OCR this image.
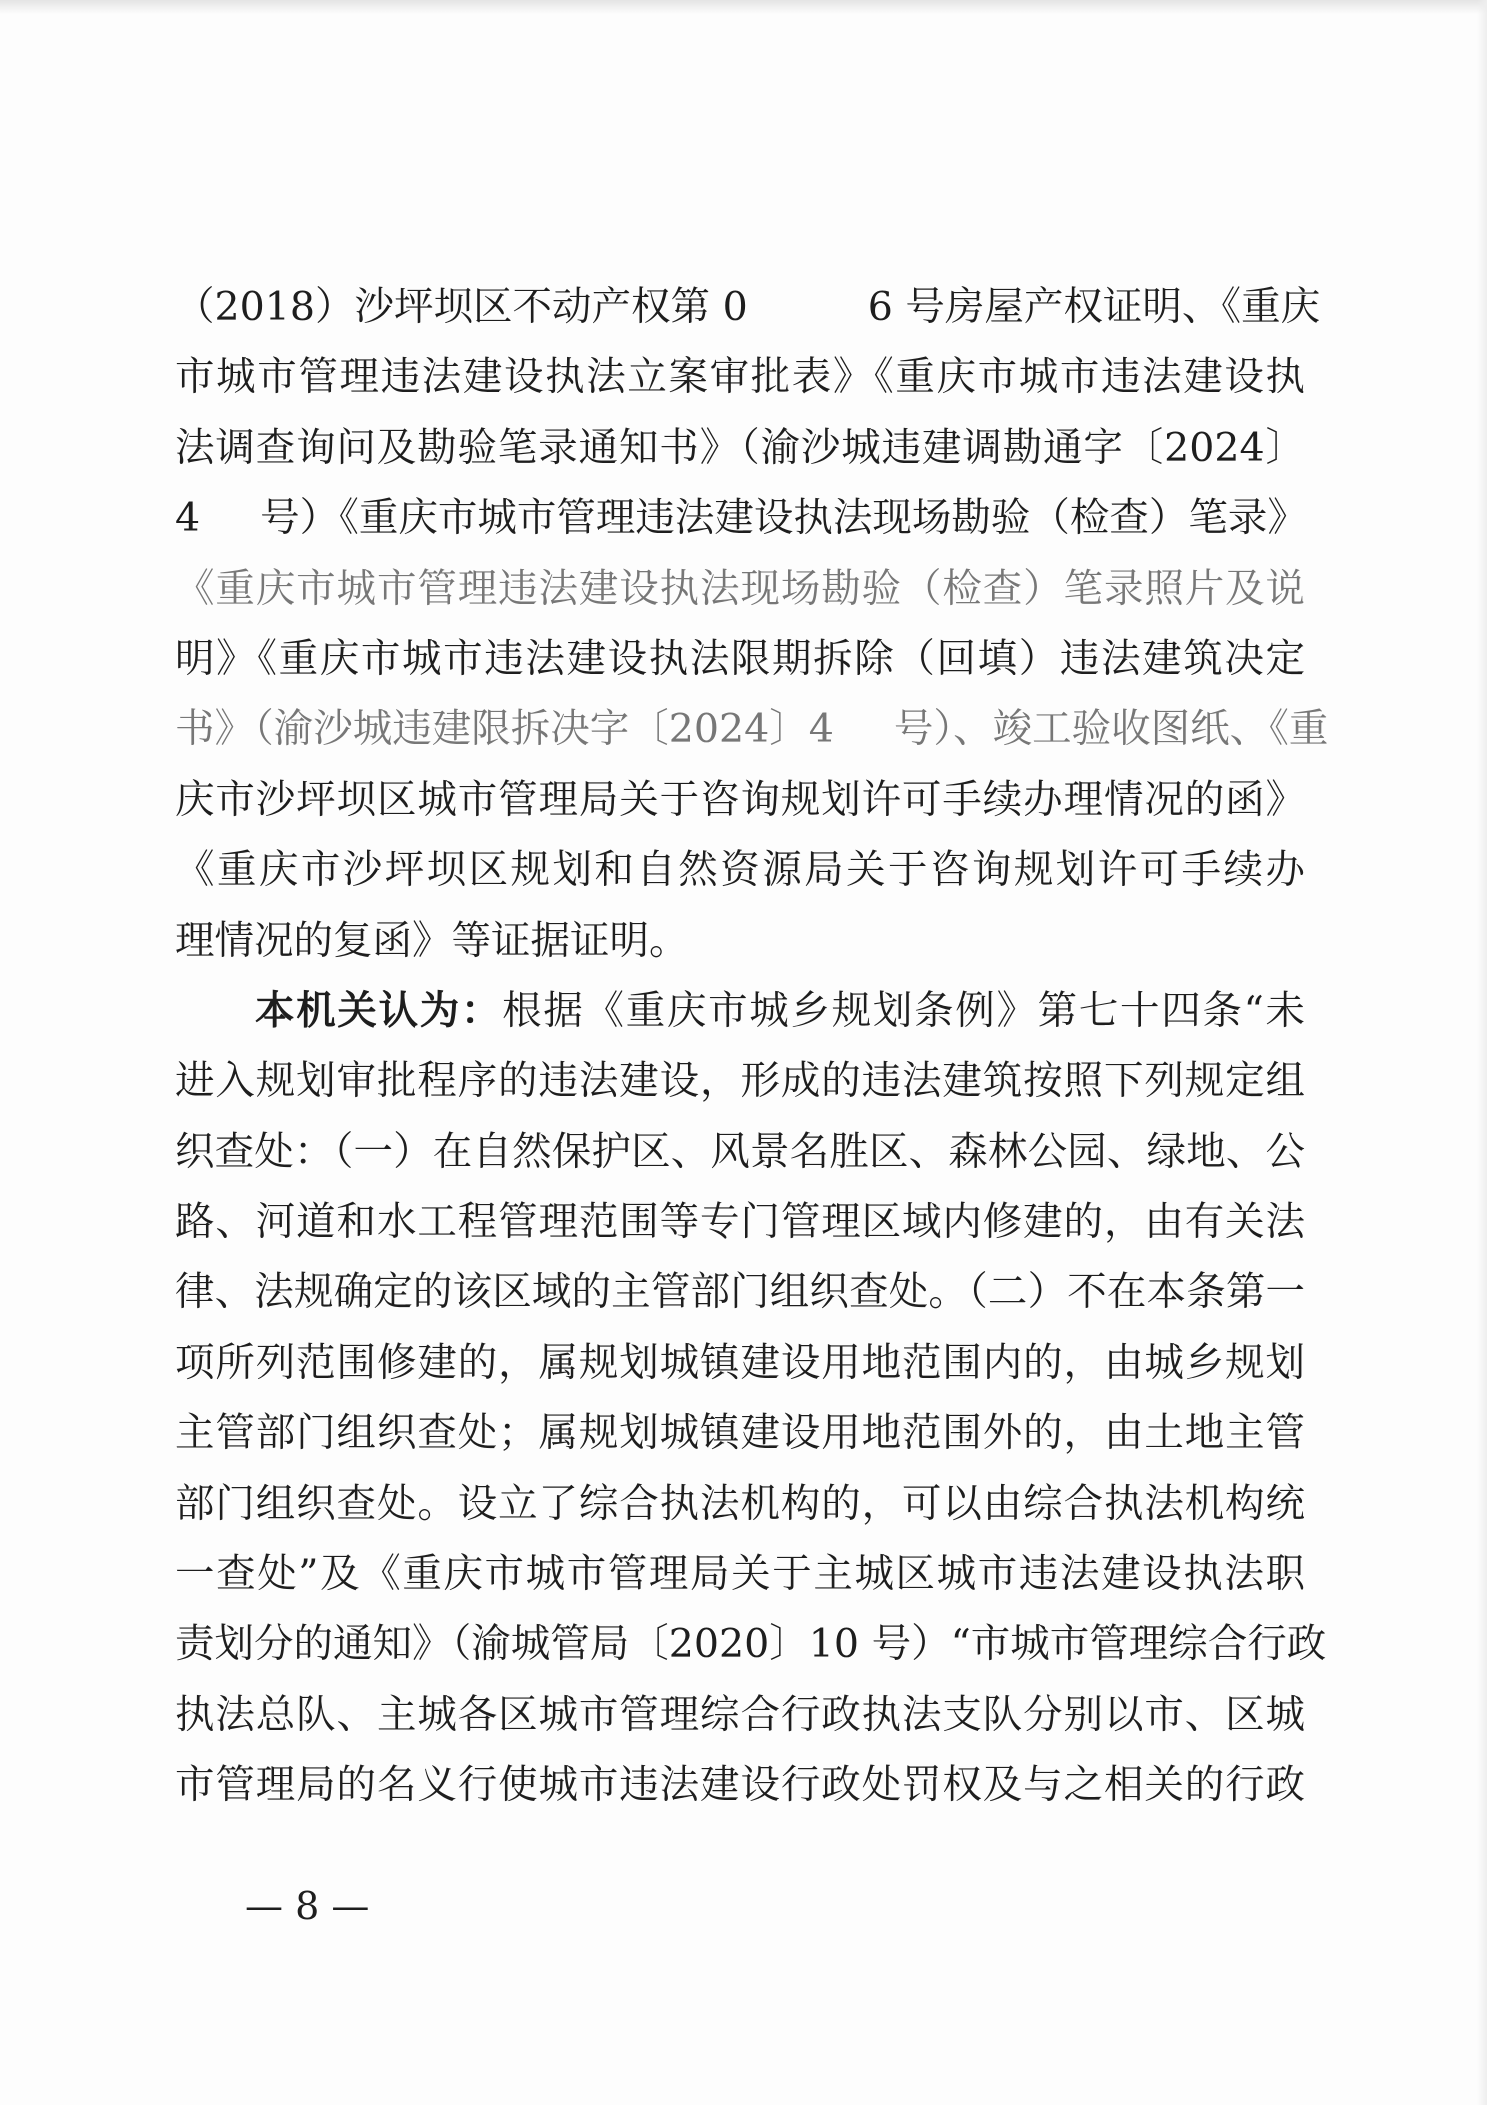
（2018）沙坪坝区不动产权第 0	6 号房屋产权证明、《重庆
市城市管理违法建设执法立案审批表》《重庆市城市违法建设执
法调查询问及勘验笔录通知书》（渝沙城违建调勘通字〔2024〕
4 号）《重庆市城市管理违法建设执法现场勘验（检查）笔录》
《重庆市城市管理违法建设执法现场勘验（检查）笔录照片及说
明》《重庆市城市违法建设执法限期拆除（回填）违法建筑决定
书》（渝沙城违建限拆决字〔2024〕4 号）、竣工验收图纸、《重
庆市沙坪坝区城市管理局关于咨询规划许可手续办理情况的函》
《重庆市沙坪坝区规划和自然资源局关于咨询规划许可手续办
理情况的复函》等证据证明。
本机关认为：根据《重庆市城乡规划条例》第七十四条“未
进入规划审批程序的违法建设，形成的违法建筑按照下列规定组
织查处：（一）在自然保护区、风景名胜区、森林公园、绿地、公
路、河道和水工程管理范围等专门管理区域内修建的，由有关法
律、法规确定的该区域的主管部门组织查处。（二）不在本条第一
项所列范围修建的，属规划城镇建设用地范围内的，由城乡规划
主管部门组织查处；属规划城镇建设用地范围外的，由土地主管
部门组织查处。设立了综合执法机构的，可以由综合执法机构统
一查处”及《重庆市城市管理局关于主城区城市违法建设执法职
责划分的通知》（渝城管局〔2020〕10 号）“市城市管理综合行政
执法总队、主城各区城市管理综合行政执法支队分别以市、区城
市管理局的名义行使城市违法建设行政处罚权及与之相关的行政
— 8 —
